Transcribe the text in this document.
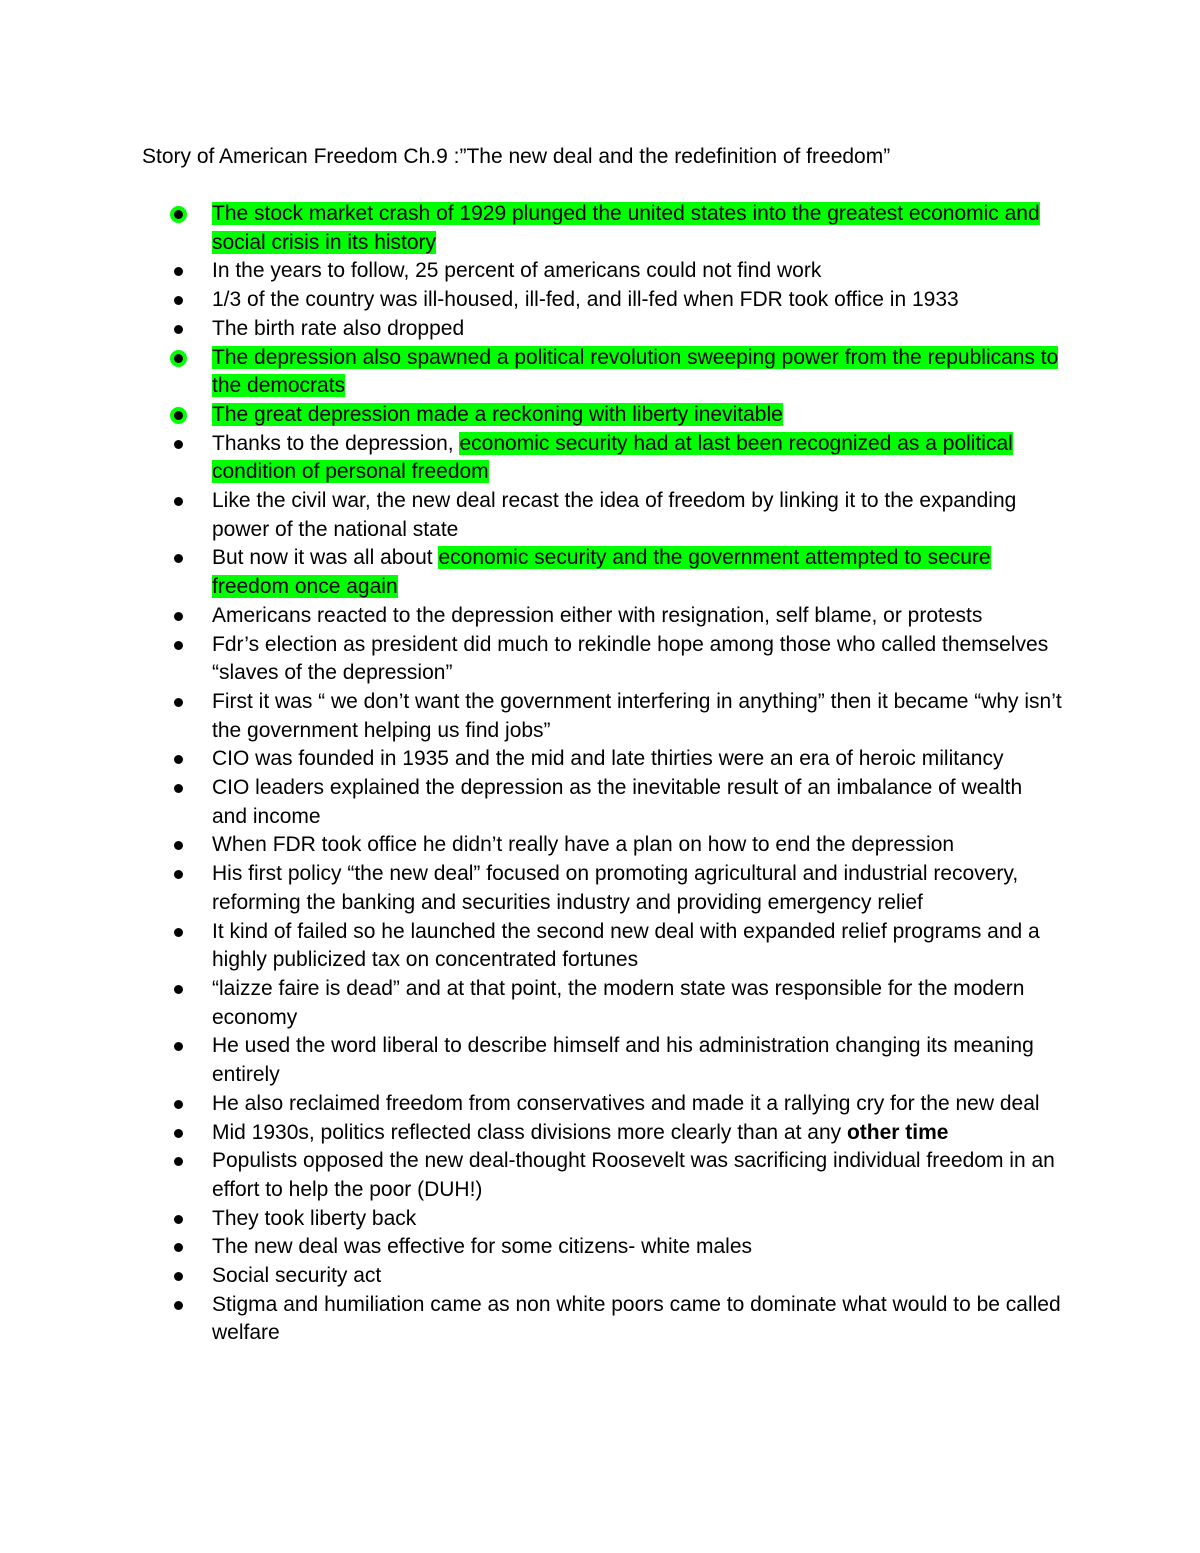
Story of American Freedom Ch.9 :”The new deal and the redefinition of freedom”
The stock market crash of 1929 plunged the united states into the greatest economic and social crisis in its history
In the years to follow, 25 percent of americans could not find work
1/3 of the country was ill-housed, ill-fed, and ill-fed when FDR took office in 1933
The birth rate also dropped
The depression also spawned a political revolution sweeping power from the republicans to the democrats
The great depression made a reckoning with liberty inevitable
Thanks to the depression, economic security had at last been recognized as a political condition of personal freedom
Like the civil war, the new deal recast the idea of freedom by linking it to the expanding power of the national state
But now it was all about economic security and the government attempted to secure freedom once again
Americans reacted to the depression either with resignation, self blame, or protests
Fdr’s election as president did much to rekindle hope among those who called themselves “slaves of the depression”
First it was “ we don’t want the government interfering in anything” then it became “why isn’t the government helping us find jobs”
CIO was founded in 1935 and the mid and late thirties were an era of heroic militancy
CIO leaders explained the depression as the inevitable result of an imbalance of wealth and income
When FDR took office he didn’t really have a plan on how to end the depression
His first policy “the new deal” focused on promoting agricultural and industrial recovery, reforming the banking and securities industry and providing emergency relief
It kind of failed so he launched the second new deal with expanded relief programs and a highly publicized tax on concentrated fortunes
“laizze faire is dead” and at that point, the modern state was responsible for the modern economy
He used the word liberal to describe himself and his administration changing its meaning entirely
He also reclaimed freedom from conservatives and made it a rallying cry for the new deal
Mid 1930s, politics reflected class divisions more clearly than at any other time
Populists opposed the new deal-thought Roosevelt was sacrificing individual freedom in an effort to help the poor (DUH!)
They took liberty back
The new deal was effective for some citizens- white males
Social security act
Stigma and humiliation came as non white poors came to dominate what would to be called welfare
